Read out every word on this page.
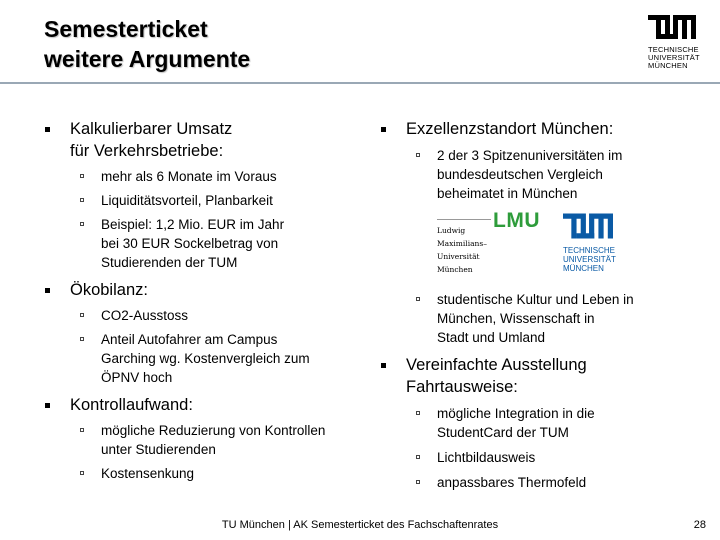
Semesterticket
weitere Argumente	TECHNISCHE
UNIVERSITÄT
MÜNCHEN
Kalkulierbarer Umsatz
für Verkehrsbetriebe:
mehr als 6 Monate im Voraus
Liquiditätsvorteil, Planbarkeit
Beispiel: 1,2 Mio. EUR im Jahr
bei 30 EUR Sockelbetrag von
Studierenden der TUM
Ökobilanz:
CO2-Ausstoss
Anteil Autofahrer am Campus
Garching wg. Kostenvergleich zum
ÖPNV hoch
Kontrollaufwand:
mögliche Reduzierung von Kontrollen
unter Studierenden
Kostensenkung
Exzellenzstandort München:
2 der 3 Spitzenuniversitäten im
bundesdeutschen Vergleich
beheimatet in München
LMU
Ludwig
Maximilians–
Universität
München
TECHNISCHE
UNIVERSITÄT
MÜNCHEN
studentische Kultur und Leben in
München, Wissenschaft in
Stadt und Umland
Vereinfachte Ausstellung
Fahrtausweise:
mögliche Integration in die
StudentCard der TUM
Lichtbildausweis
anpassbares Thermofeld
TU München | AK Semesterticket des Fachschaftenrates	28
